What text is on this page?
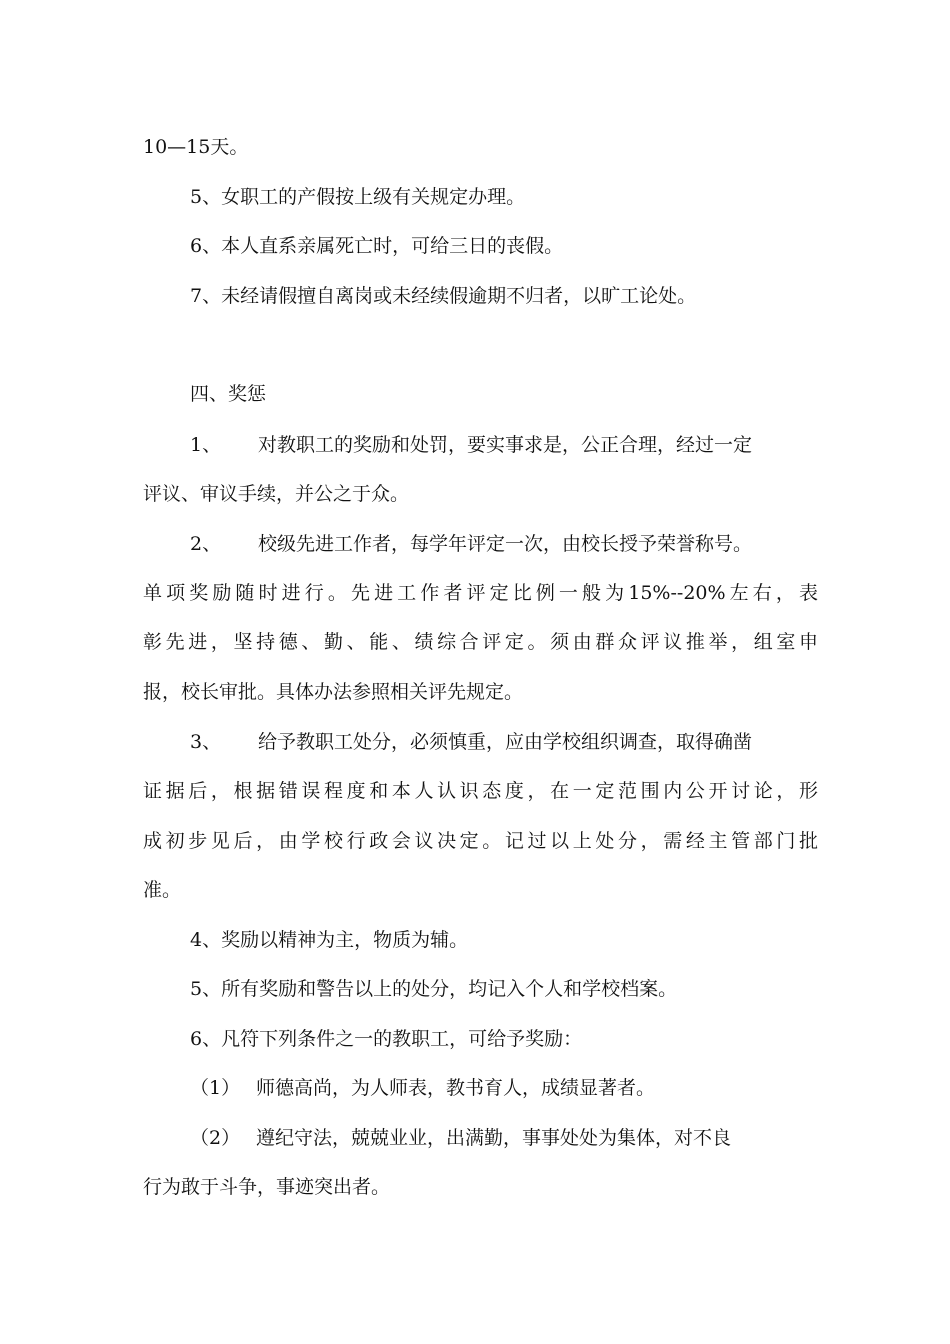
10—15天。
5、女职工的产假按上级有关规定办理。
6、本人直系亲属死亡时，可给三日的丧假。
7、未经请假擅自离岗或未经续假逾期不归者，以旷工论处。
四、奖惩
1、 对教职工的奖励和处罚，要实事求是，公正合理，经过一定
评议、审议手续，并公之于众。
2、 校级先进工作者，每学年评定一次，由校长授予荣誉称号。
单项奖励随时进行。先进工作者评定比例一般为15%--20%左右，表
彰先进，坚持德、勤、能、绩综合评定。须由群众评议推举，组室申
报，校长审批。具体办法参照相关评先规定。
3、 给予教职工处分，必须慎重，应由学校组织调查，取得确凿
证据后，根据错误程度和本人认识态度，在一定范围内公开讨论，形
成初步见后，由学校行政会议决定。记过以上处分，需经主管部门批
准。
4、奖励以精神为主，物质为辅。
5、所有奖励和警告以上的处分，均记入个人和学校档案。
6、凡符下列条件之一的教职工，可给予奖励：
（1） 师德高尚，为人师表，教书育人，成绩显著者。
（2） 遵纪守法，兢兢业业，出满勤，事事处处为集体，对不良
行为敢于斗争，事迹突出者。
